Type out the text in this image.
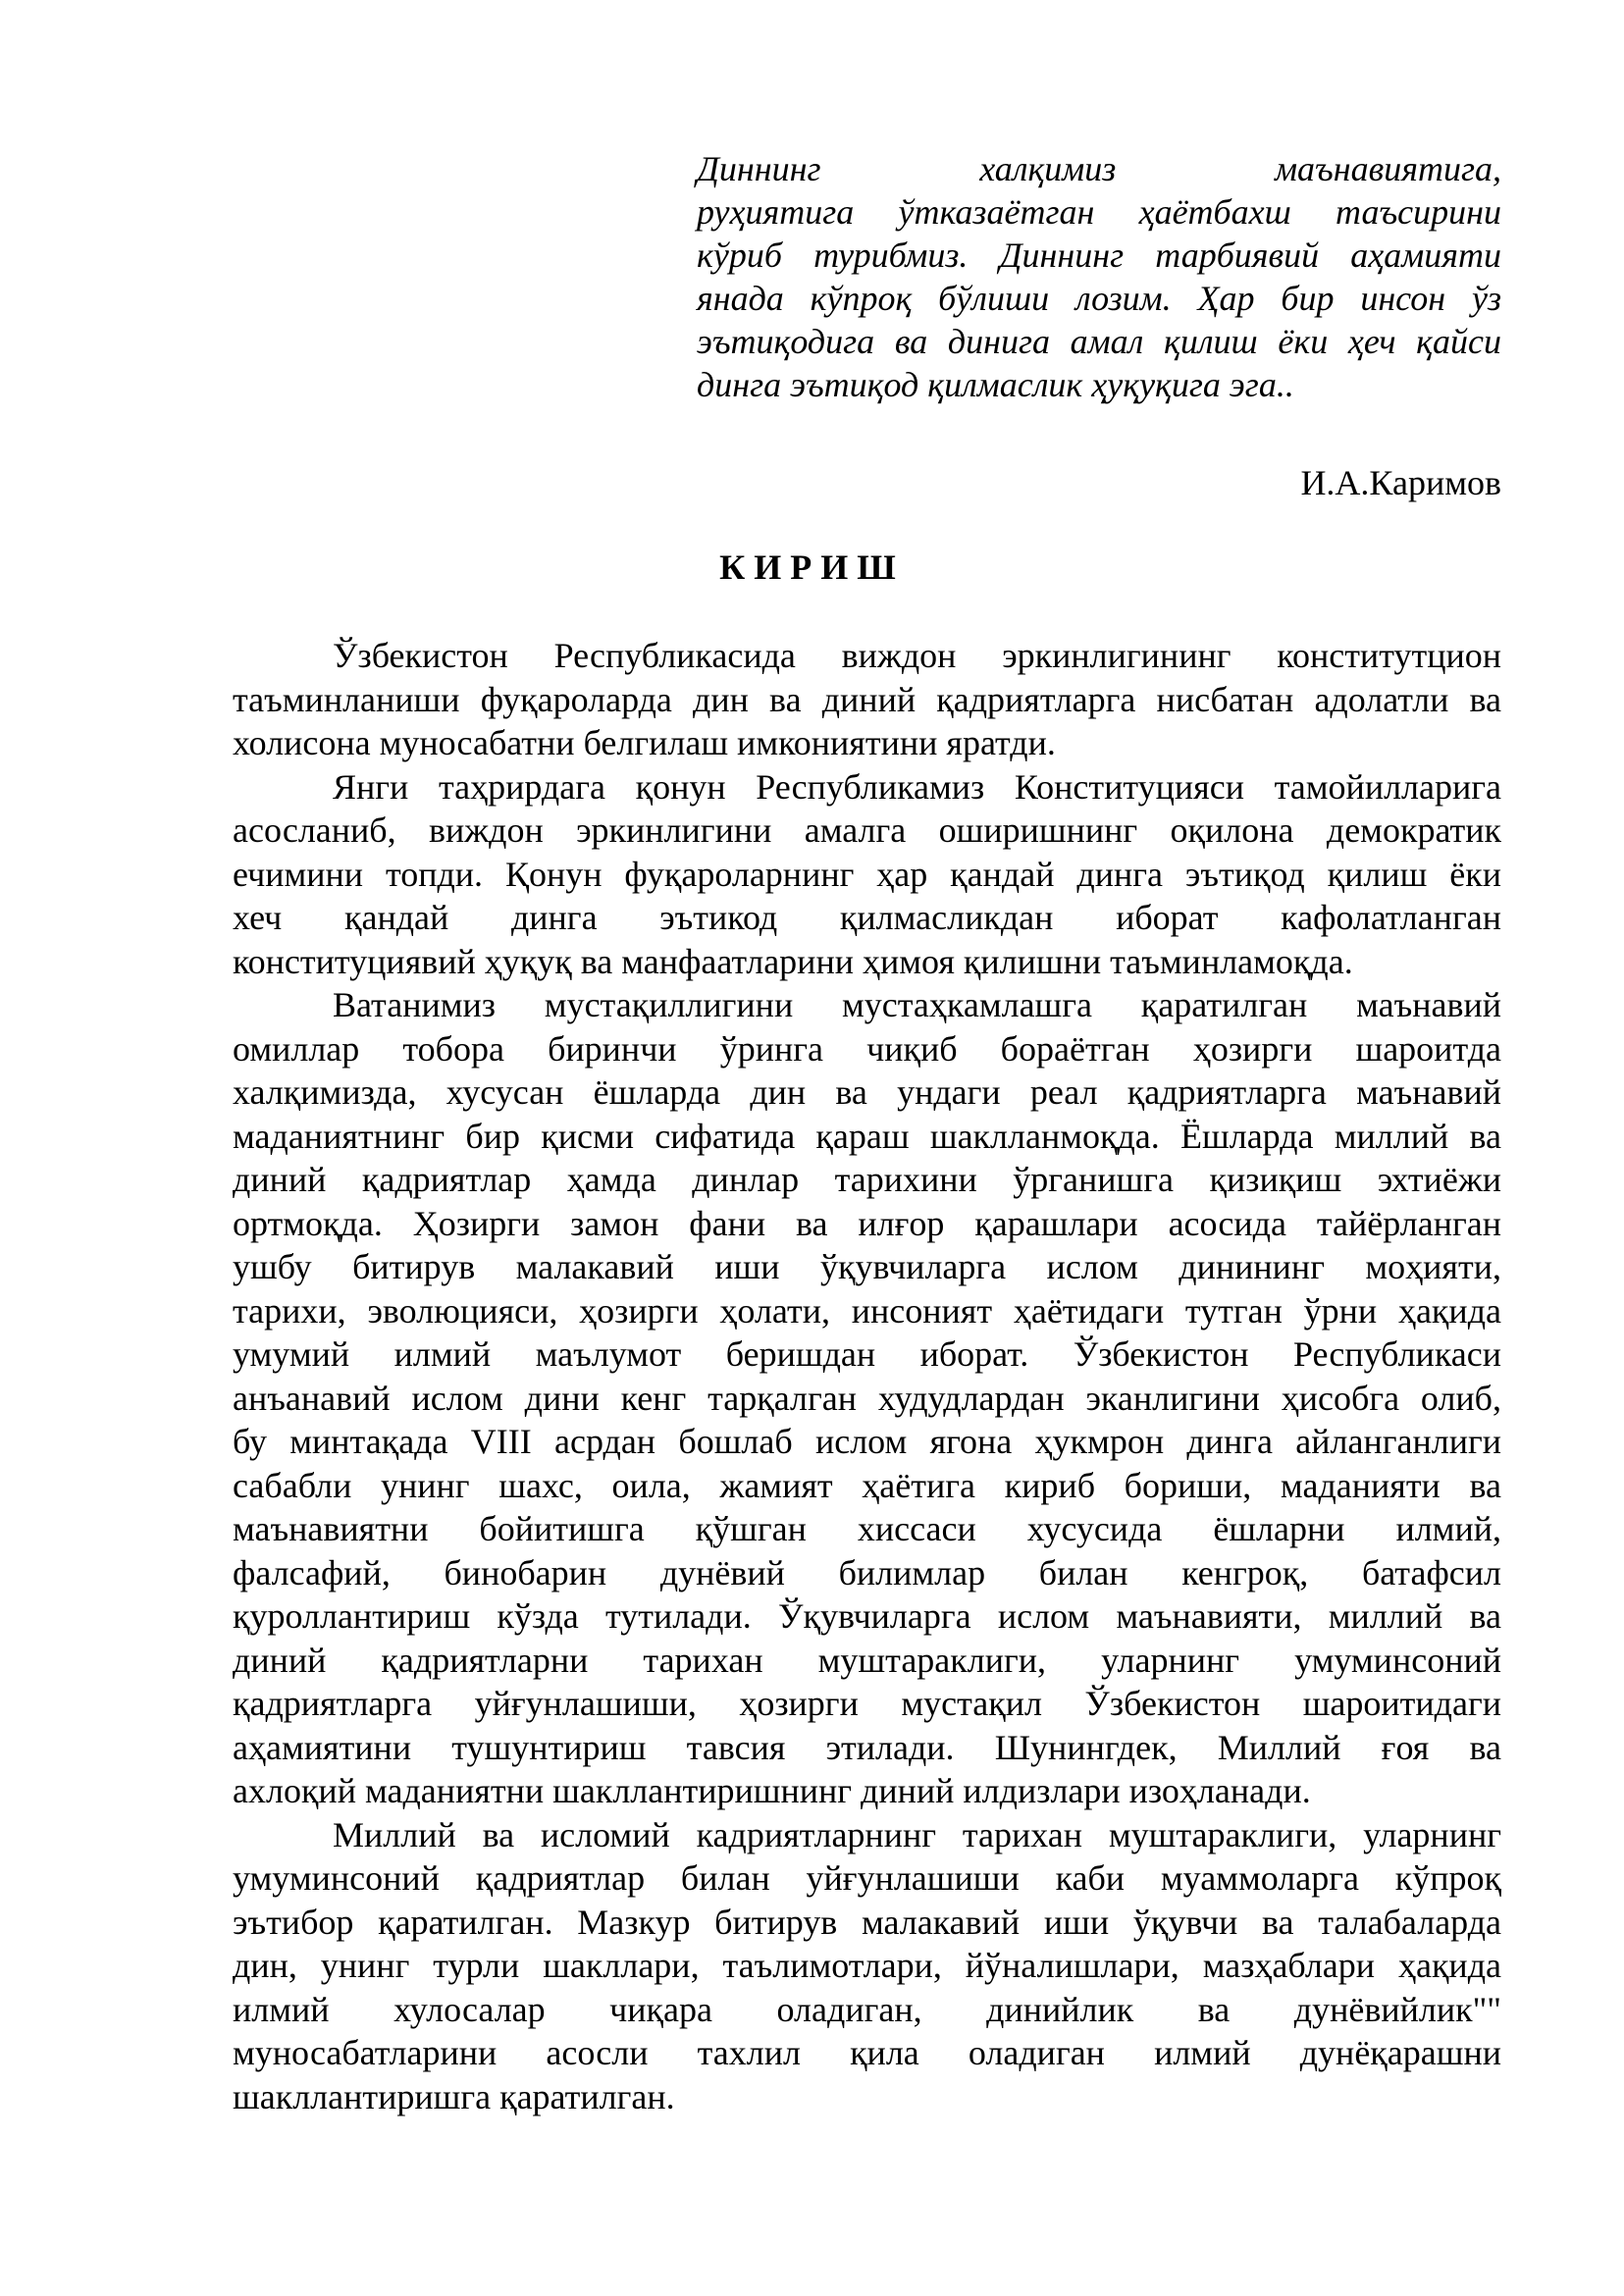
Диннинг халқимиз маънавиятига,
руҳиятига ўтказаётган ҳаётбахш таъсирини
кўриб турибмиз. Диннинг тарбиявий аҳамияти
янада кўпроқ бўлиши лозим. Ҳар бир инсон ўз
эътиқодига ва динига амал қилиш ёки ҳеч қайси
динга эътиқод қилмаслик ҳуқуқига эга..
И.А.Каримов
КИРИШ
Ўзбекистон Республикасида виждон эркинлигининг конститутцион
таъминланиши фуқароларда дин ва диний қадриятларга нисбатан адолатли ва
холисона муносабатни белгилаш имкониятини яратди.
Янги таҳрирдага қонун Республикамиз Конституцияси тамойилларига
асосланиб, виждон эркинлигини амалга оширишнинг оқилона демократик
ечимини топди. Қонун фуқароларнинг ҳар қандай динга эътиқод қилиш ёки
хеч қандай динга эътикод қилмасликдан иборат кафолатланган
конституциявий ҳуқуқ ва манфаатларини ҳимоя қилишни таъминламоқда.
Ватанимиз мустақиллигини мустаҳкамлашга қаратилган маънавий
омиллар тобора биринчи ўринга чиқиб бораётган ҳозирги шароитда
халқимизда, хусусан ёшларда дин ва ундаги реал қадриятларга маънавий
маданиятнинг бир қисми сифатида қараш шаклланмоқда. Ёшларда миллий ва
диний қадриятлар ҳамда динлар тарихини ўрганишга қизиқиш эхтиёжи
ортмоқда. Ҳозирги замон фани ва илғор қарашлари асосида тайёрланган
ушбу битирув малакавий иши ўқувчиларга ислом динининг моҳияти,
тарихи, эволюцияси, ҳозирги ҳолати, инсоният ҳаётидаги тутган ўрни ҳақида
умумий илмий маълумот беришдан иборат. Ўзбекистон Республикаси
анъанавий ислом дини кенг тарқалган худудлардан эканлигини ҳисобга олиб,
бу минтақада VIII асрдан бошлаб ислом ягона ҳукмрон динга айланганлиги
сабабли унинг шахс, оила, жамият ҳаётига кириб бориши, маданияти ва
маънавиятни бойитишга қўшган хиссаси хусусида ёшларни илмий,
фалсафий, бинобарин дунёвий билимлар билан кенгроқ, батафсил
қуроллантириш кўзда тутилади. Ўқувчиларга ислом маънавияти, миллий ва
диний қадриятларни тарихан муштараклиги, уларнинг умуминсоний
қадриятларга уйғунлашиши, ҳозирги мустақил Ўзбекистон шароитидаги
аҳамиятини тушунтириш тавсия этилади. Шунингдек, Миллий ғоя ва
ахлоқий маданиятни шакллантиришнинг диний илдизлари изоҳланади.
Миллий ва исломий кадриятларнинг тарихан муштараклиги, уларнинг
умуминсоний қадриятлар билан уйғунлашиши каби муаммоларга кўпроқ
эътибор қаратилган. Мазкур битирув малакавий иши ўқувчи ва талабаларда
дин, унинг турли шакллари, таълимотлари, йўналишлари, мазҳаблари ҳақида
илмий хулосалар чиқара оладиган, динийлик ва дунёвийлик""
муносабатларини асосли тахлил қила оладиган илмий дунёқарашни
шакллантиришга қаратилган.
